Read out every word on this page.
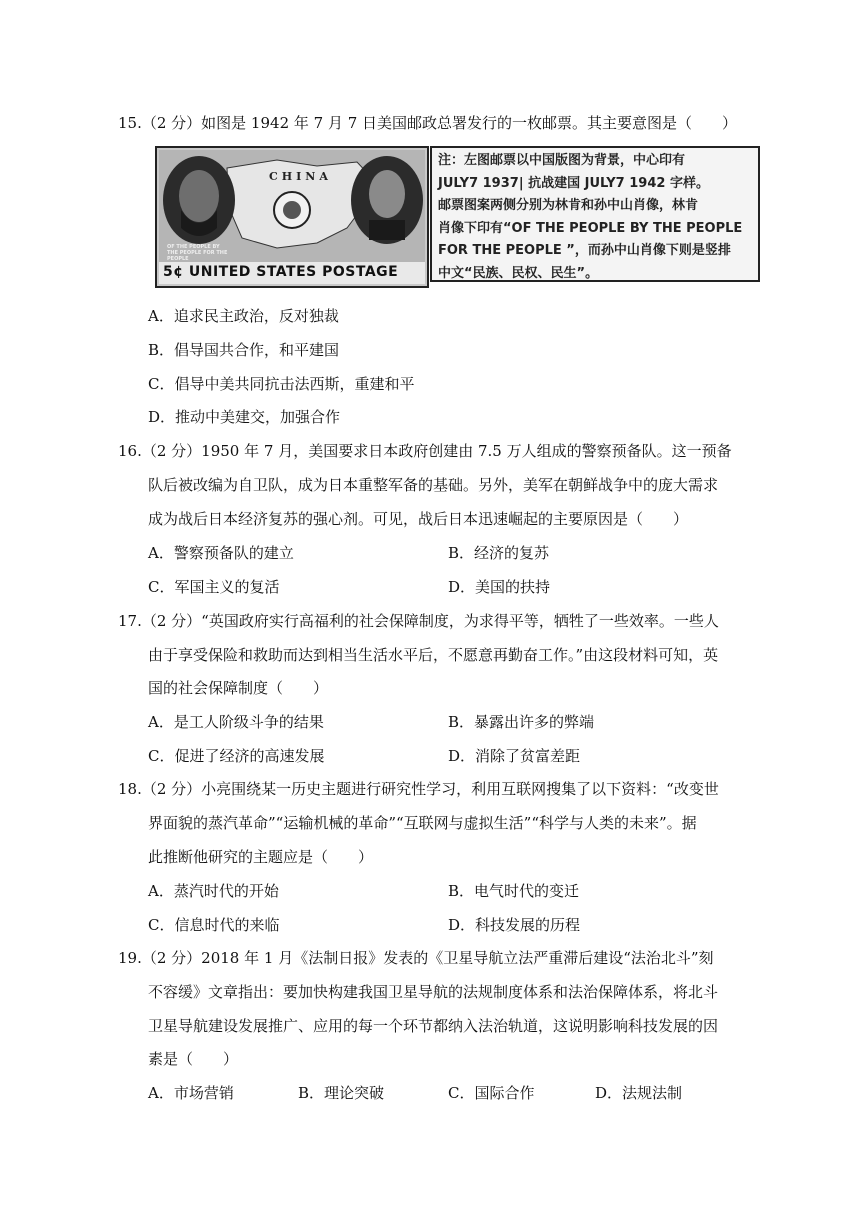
15.（2 分）如图是 1942 年 7 月 7 日美国邮政总署发行的一枚邮票。其主要意图是（　　）
CHINA
OF THE PEOPLE BY THE PEOPLE FOR THE PEOPLE
5¢ UNITED STATES POSTAGE
注：左图邮票以中国版图为背景，中心印有
JULY7 1937| 抗战建国 JULY7 1942 字样。
邮票图案两侧分别为林肯和孙中山肖像，林肯
肖像下印有“OF THE PEOPLE BY THE PEOPLE
FOR THE PEOPLE ”，而孙中山肖像下则是竖排
中文“民族、民权、民生”。
A．追求民主政治，反对独裁
B．倡导国共合作，和平建国
C．倡导中美共同抗击法西斯，重建和平
D．推动中美建交，加强合作
16.（2 分）1950 年 7 月，美国要求日本政府创建由 7.5 万人组成的警察预备队。这一预备
队后被改编为自卫队，成为日本重整军备的基础。另外，美军在朝鲜战争中的庞大需求
成为战后日本经济复苏的强心剂。可见，战后日本迅速崛起的主要原因是（　　）
A．警察预备队的建立	B．经济的复苏
C．军国主义的复活	D．美国的扶持
17.（2 分）“英国政府实行高福利的社会保障制度，为求得平等，牺牲了一些效率。一些人
由于享受保险和救助而达到相当生活水平后，不愿意再勤奋工作。”由这段材料可知，英
国的社会保障制度（　　）
A．是工人阶级斗争的结果	B．暴露出许多的弊端
C．促进了经济的高速发展	D．消除了贫富差距
18.（2 分）小亮围绕某一历史主题进行研究性学习，利用互联网搜集了以下资料：“改变世
界面貌的蒸汽革命”“运输机械的革命”“互联网与虚拟生活”“科学与人类的未来”。据
此推断他研究的主题应是（　　）
A．蒸汽时代的开始	B．电气时代的变迁
C．信息时代的来临	D．科技发展的历程
19.（2 分）2018 年 1 月《法制日报》发表的《卫星导航立法严重滞后建设“法治北斗”刻
不容缓》文章指出：要加快构建我国卫星导航的法规制度体系和法治保障体系，将北斗
卫星导航建设发展推广、应用的每一个环节都纳入法治轨道，这说明影响科技发展的因
素是（　　）
A．市场营销	B．理论突破	C．国际合作	D．法规法制
